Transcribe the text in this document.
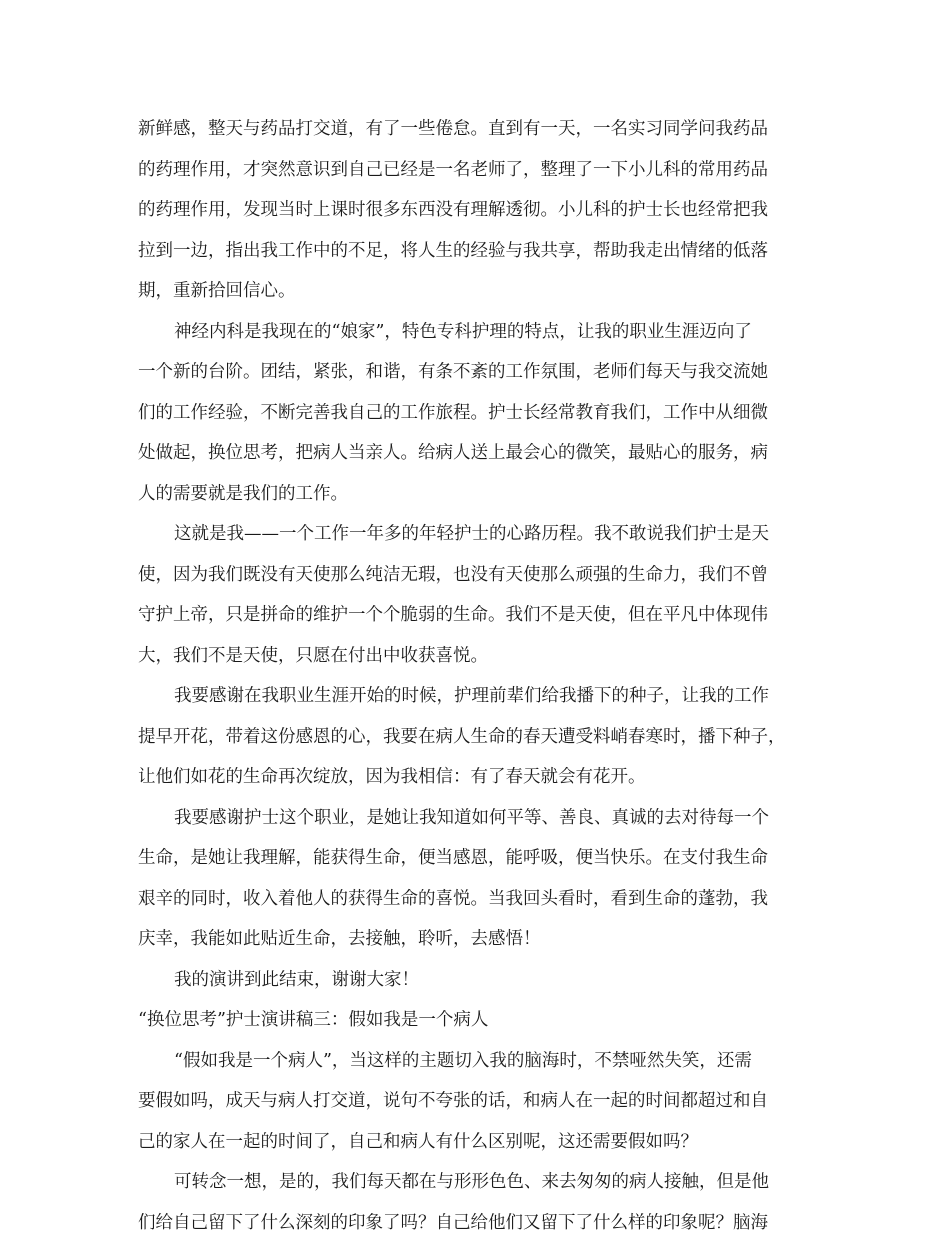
新鲜感，整天与药品打交道，有了一些倦怠。直到有一天，一名实习同学问我药品
的药理作用，才突然意识到自己已经是一名老师了，整理了一下小儿科的常用药品
的药理作用，发现当时上课时很多东西没有理解透彻。小儿科的护士长也经常把我
拉到一边，指出我工作中的不足，将人生的经验与我共享，帮助我走出情绪的低落
期，重新拾回信心。
神经内科是我现在的“娘家”，特色专科护理的特点，让我的职业生涯迈向了
一个新的台阶。团结，紧张，和谐，有条不紊的工作氛围，老师们每天与我交流她
们的工作经验，不断完善我自己的工作旅程。护士长经常教育我们，工作中从细微
处做起，换位思考，把病人当亲人。给病人送上最会心的微笑，最贴心的服务，病
人的需要就是我们的工作。
这就是我——一个工作一年多的年轻护士的心路历程。我不敢说我们护士是天
使，因为我们既没有天使那么纯洁无瑕，也没有天使那么顽强的生命力，我们不曾
守护上帝，只是拼命的维护一个个脆弱的生命。我们不是天使，但在平凡中体现伟
大，我们不是天使，只愿在付出中收获喜悦。
我要感谢在我职业生涯开始的时候，护理前辈们给我播下的种子，让我的工作
提早开花，带着这份感恩的心，我要在病人生命的春天遭受料峭春寒时，播下种子，
让他们如花的生命再次绽放，因为我相信：有了春天就会有花开。
我要感谢护士这个职业，是她让我知道如何平等、善良、真诚的去对待每一个
生命，是她让我理解，能获得生命，便当感恩，能呼吸，便当快乐。在支付我生命
艰辛的同时，收入着他人的获得生命的喜悦。当我回头看时，看到生命的蓬勃，我
庆幸，我能如此贴近生命，去接触，聆听，去感悟！
我的演讲到此结束，谢谢大家！
“换位思考”护士演讲稿三：假如我是一个病人
“假如我是一个病人”，当这样的主题切入我的脑海时，不禁哑然失笑，还需
要假如吗，成天与病人打交道，说句不夸张的话，和病人在一起的时间都超过和自
己的家人在一起的时间了，自己和病人有什么区别呢，这还需要假如吗？
可转念一想，是的，我们每天都在与形形色色、来去匆匆的病人接触，但是他
们给自己留下了什么深刻的印象了吗？自己给他们又留下了什么样的印象呢？脑海
